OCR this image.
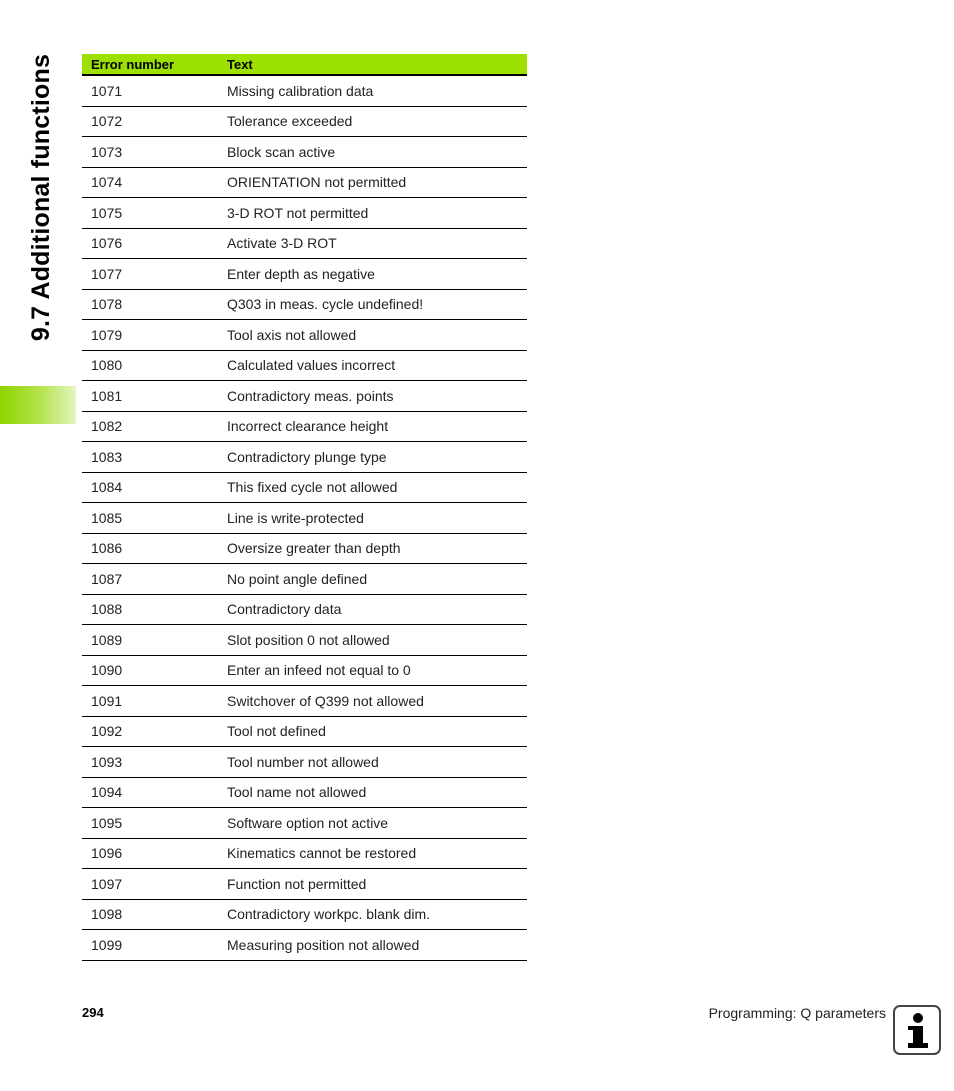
9.7 Additional functions	Error number	Text
1071	Missing calibration data
1072	Tolerance exceeded
1073	Block scan active
1074	ORIENTATION not permitted
1075	3-D ROT not permitted
1076	Activate 3-D ROT
1077	Enter depth as negative
1078	Q303 in meas. cycle undefined!
1079	Tool axis not allowed
1080	Calculated values incorrect
1081	Contradictory meas. points
1082	Incorrect clearance height
1083	Contradictory plunge type
1084	This fixed cycle not allowed
1085	Line is write-protected
1086	Oversize greater than depth
1087	No point angle defined
1088	Contradictory data
1089	Slot position 0 not allowed
1090	Enter an infeed not equal to 0
1091	Switchover of Q399 not allowed
1092	Tool not defined
1093	Tool number not allowed
1094	Tool name not allowed
1095	Software option not active
1096	Kinematics cannot be restored
1097	Function not permitted
1098	Contradictory workpc. blank dim.
1099	Measuring position not allowed
294	Programming: Q parameters
